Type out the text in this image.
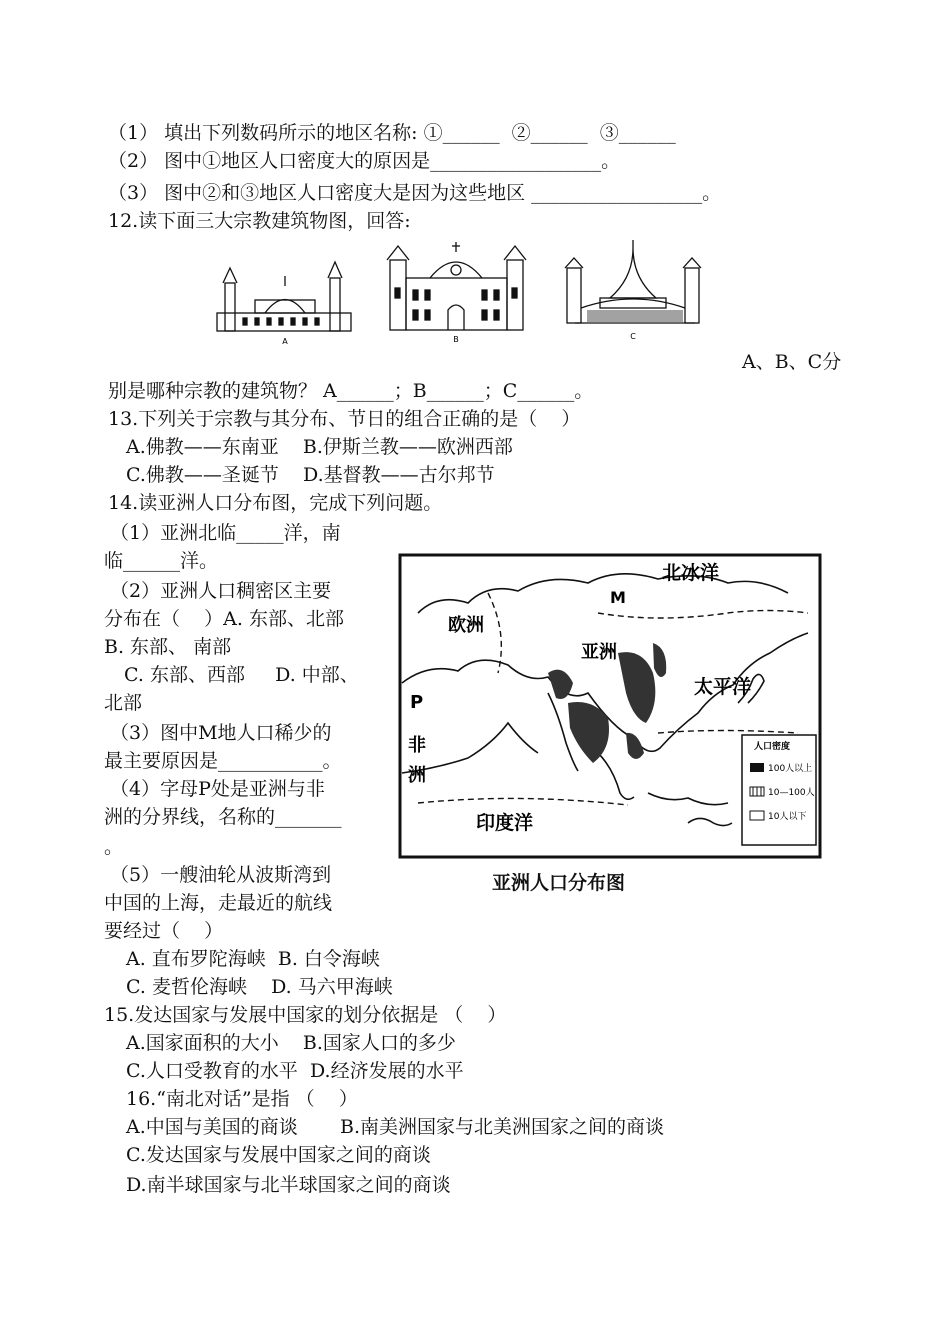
（1） 填出下列数码所示的地区名称: ①______  ②______  ③______
（2） 图中①地区人口密度大的原因是__________________。
（3） 图中②和③地区人口密度大是因为这些地区 __________________。
12.读下面三大宗教建筑物图，回答:
A	B	C
A、B、C分
别是哪种宗教的建筑物？ A______；B______；C______。
13.下列关于宗教与其分布、节日的组合正确的是（    ）
A.佛教——东南亚    B.伊斯兰教——欧洲西部
C.佛教——圣诞节    D.基督教——古尔邦节
14.读亚洲人口分布图，完成下列问题。
（1）亚洲北临_____洋，南
临______洋。
（2）亚洲人口稠密区主要
分布在（    ）A. 东部、北部
B. 东部、 南部
C. 东部、西部     D. 中部、
北部
（3）图中M地人口稀少的
最主要原因是___________。
（4）字母P处是亚洲与非
洲的分界线，名称的_______
。
（5）一艘油轮从波斯湾到
中国的上海，走最近的航线
要经过（    ）
A. 直布罗陀海峡  B. 白令海峡
C. 麦哲伦海峡    D. 马六甲海峡
北冰洋
M
欧洲
亚洲
太平洋
P
非
洲
印度洋
人口密度
100人以上
10—100人
10人以下
亚洲人口分布图
15.发达国家与发展中国家的划分依据是 （    ）
A.国家面积的大小    B.国家人口的多少
C.人口受教育的水平  D.经济发展的水平
16.“南北对话”是指 （    ）
A.中国与美国的商谈       B.南美洲国家与北美洲国家之间的商谈
C.发达国家与发展中国家之间的商谈
D.南半球国家与北半球国家之间的商谈
